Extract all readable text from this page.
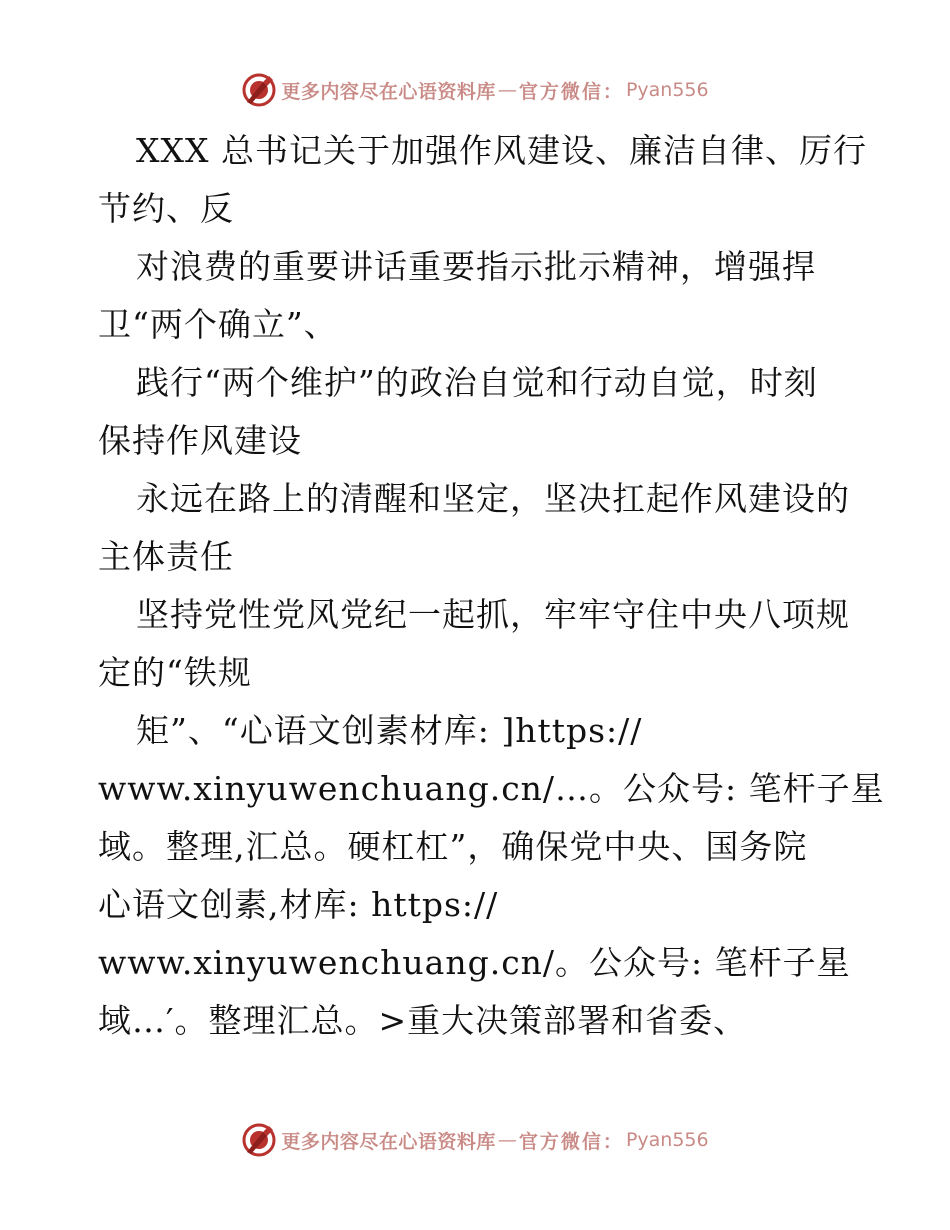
更多内容尽在心语资料库 — 官方微信： Pyan556
XXX 总书记关于加强作风建设、廉洁自律、厉行
节约、反
对浪费的重要讲话重要指示批示精神，增强捍
卫“两个确立”、
践行“两个维护”的政治自觉和行动自觉，时刻
保持作风建设
永远在路上的清醒和坚定，坚决扛起作风建设的
主体责任
坚持党性党风党纪一起抓，牢牢守住中央八项规
定的“铁规
矩”、“心语文创素材库: ]https://
www.xinyuwenchuang.cn/…。公众号: 笔杆子星
域。整理,汇总。硬杠杠”，确保党中央、国务院
心语文创素,材库: https://
www.xinyuwenchuang.cn/。公众号: 笔杆子星
域…′。整理汇总。>重大决策部署和省委、
更多内容尽在心语资料库 — 官方微信： Pyan556
